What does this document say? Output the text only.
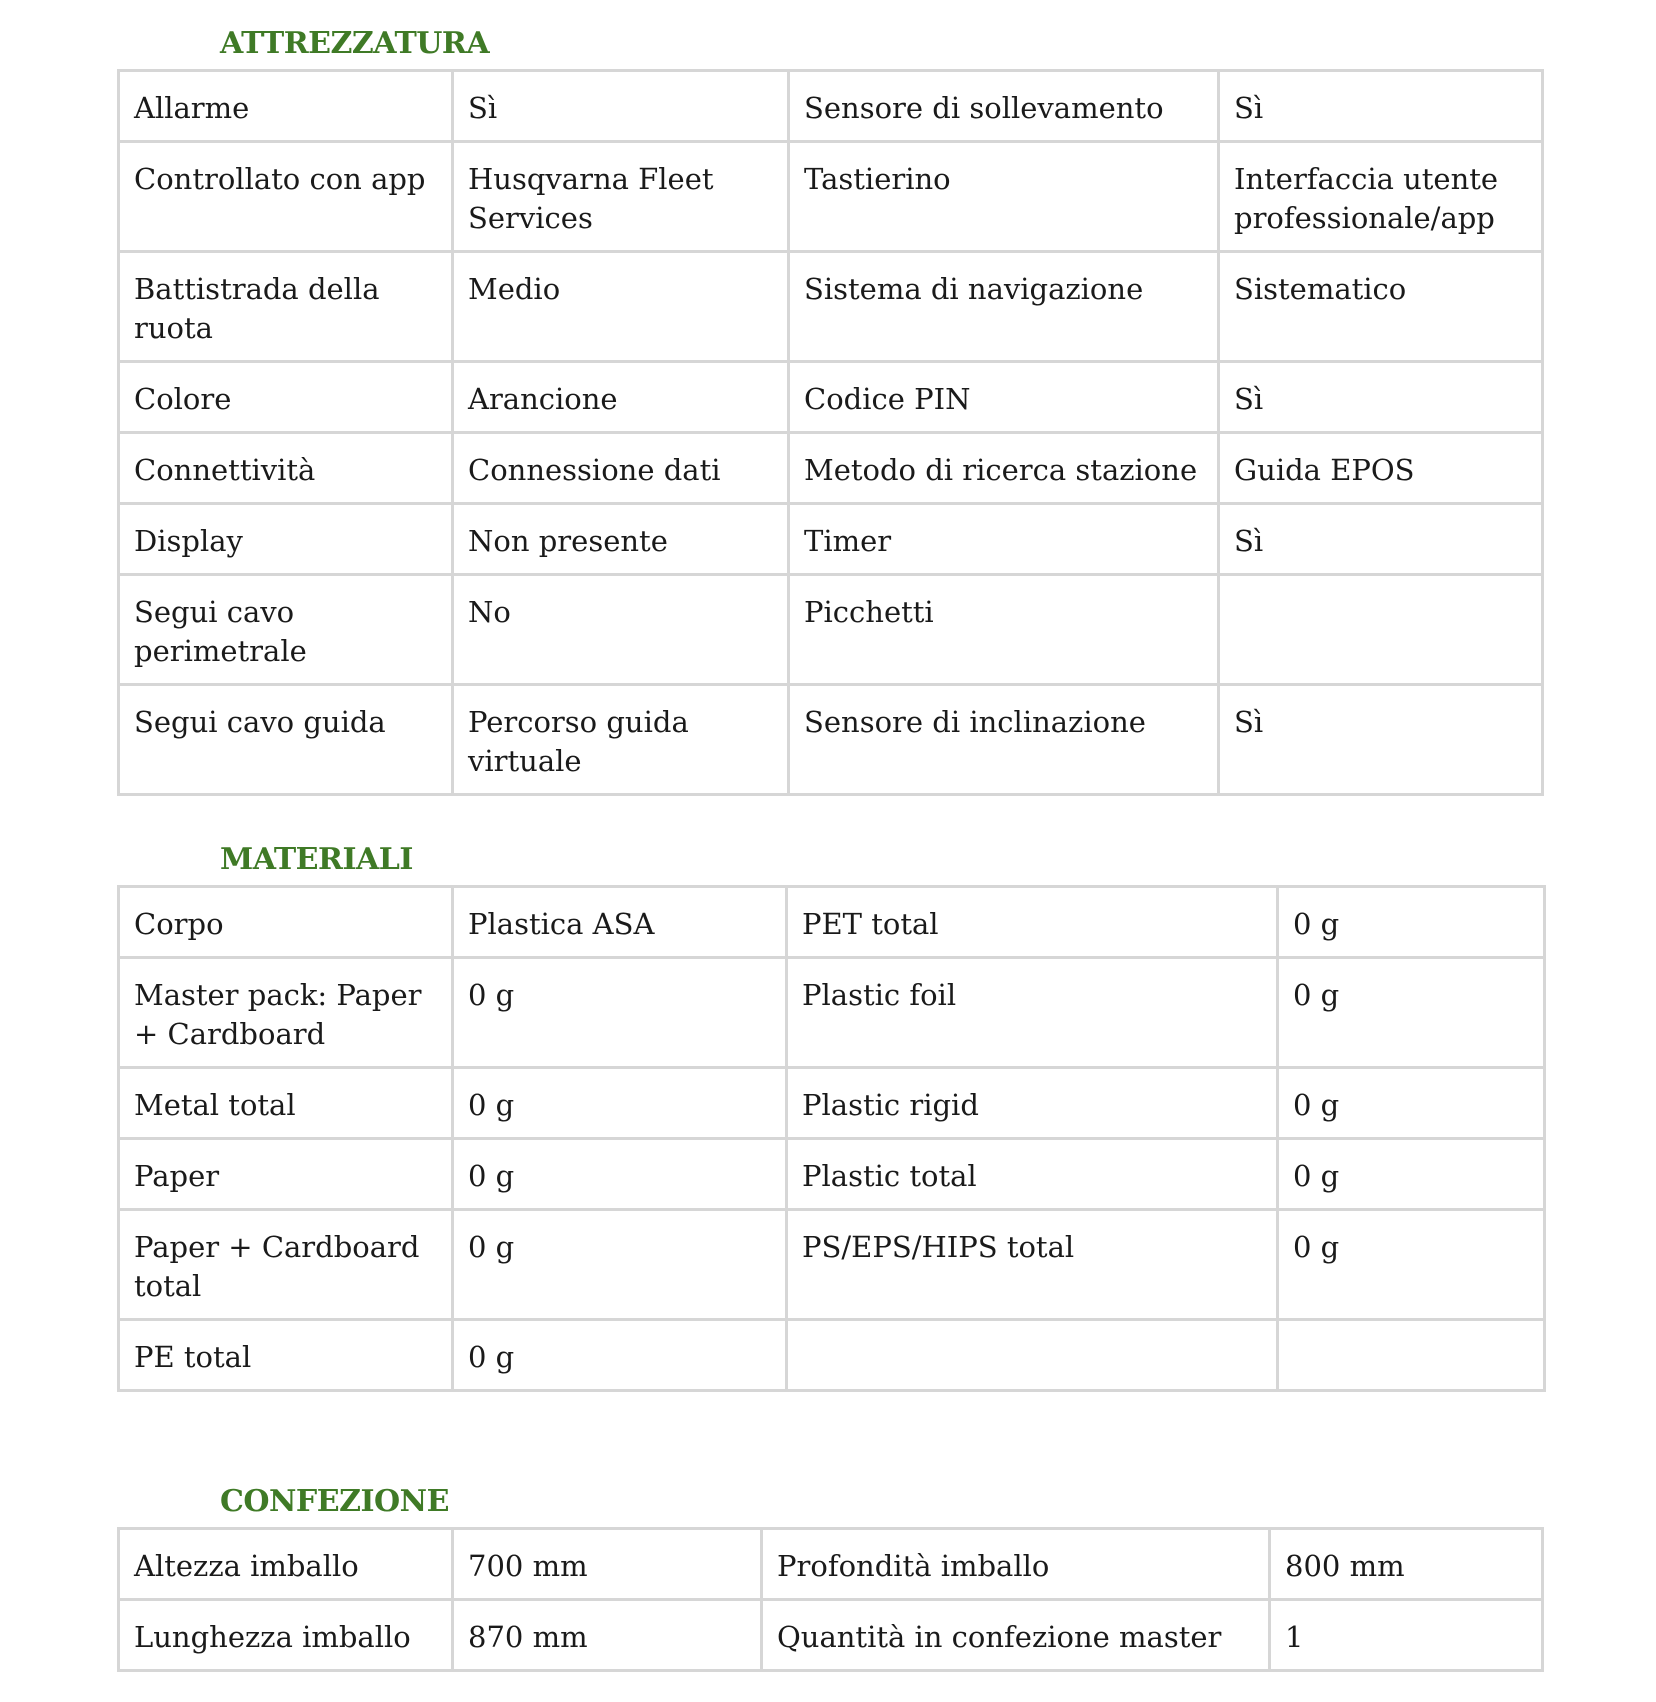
ATTREZZATURA
Allarme	Sì	Sensore di sollevamento	Sì
Controllato con app	Husqvarna Fleet Services	Tastierino	Interfaccia utente professionale/app
Battistrada della ruota	Medio	Sistema di navigazione	Sistematico
Colore	Arancione	Codice PIN	Sì
Connettività	Connessione dati	Metodo di ricerca stazione	Guida EPOS
Display	Non presente	Timer	Sì
Segui cavo perimetrale	No	Picchetti	
Segui cavo guida	Percorso guida virtuale	Sensore di inclinazione	Sì
MATERIALI
Corpo	Plastica ASA	PET total	0 g
Master pack: Paper + Cardboard	0 g	Plastic foil	0 g
Metal total	0 g	Plastic rigid	0 g
Paper	0 g	Plastic total	0 g
Paper + Cardboard total	0 g	PS/EPS/HIPS total	0 g
PE total	0 g		
CONFEZIONE
Altezza imballo	700 mm	Profondità imballo	800 mm
Lunghezza imballo	870 mm	Quantità in confezione master	1
